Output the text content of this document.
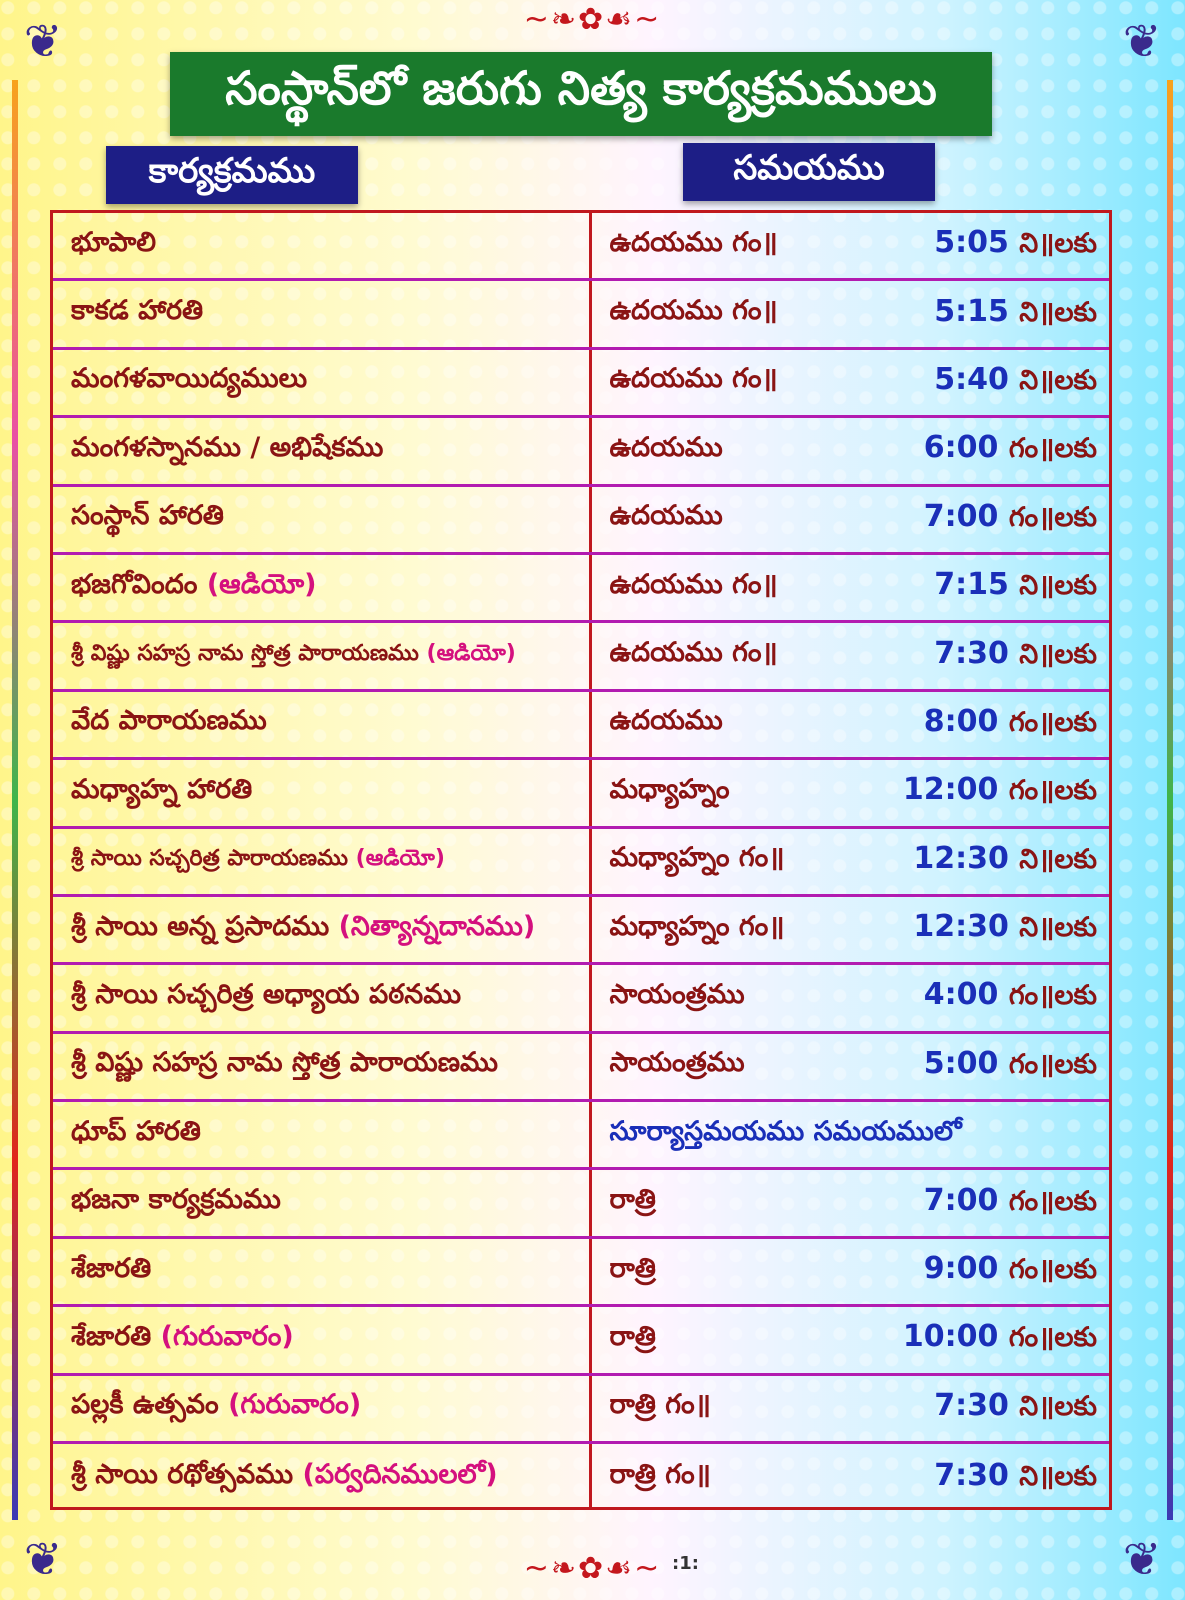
❦	❦
❦	❦
~❧✿☙~
~❧✿☙~
సంస్థాన్‌లో జరుగు నిత్య కార్యక్రమములు
కార్యక్రమము	సమయము
భూపాలి	ఉదయము గం॥	5:05 ని॥లకు
కాకడ హారతి	ఉదయము గం॥	5:15 ని॥లకు
మంగళవాయిద్యములు	ఉదయము గం॥	5:40 ని॥లకు
మంగళస్నానము / అభిషేకము	ఉదయము	6:00 గం॥లకు
సంస్థాన్ హారతి	ఉదయము	7:00 గం॥లకు
భజగోవిందం (ఆడియో)	ఉదయము గం॥	7:15 ని॥లకు
శ్రీ విష్ణు సహస్ర నామ స్తోత్ర పారాయణము (ఆడియో)	ఉదయము గం॥	7:30 ని॥లకు
వేద పారాయణము	ఉదయము	8:00 గం॥లకు
మధ్యాహ్న హారతి	మధ్యాహ్నం	12:00 గం॥లకు
శ్రీ సాయి సచ్చరిత్ర పారాయణము (ఆడియో)	మధ్యాహ్నం గం॥	12:30 ని॥లకు
శ్రీ సాయి అన్న ప్రసాదము (నిత్యాన్నదానము)	మధ్యాహ్నం గం॥	12:30 ని॥లకు
శ్రీ సాయి సచ్చరిత్ర అధ్యాయ పఠనము	సాయంత్రము	4:00 గం॥లకు
శ్రీ విష్ణు సహస్ర నామ స్తోత్ర పారాయణము	సాయంత్రము	5:00 గం॥లకు
ధూప్ హారతి	సూర్యాస్తమయము సమయములో
భజనా కార్యక్రమము	రాత్రి	7:00 గం॥లకు
శేజారతి	రాత్రి	9:00 గం॥లకు
శేజారతి (గురువారం)	రాత్రి	10:00 గం॥లకు
పల్లకీ ఉత్సవం (గురువారం)	రాత్రి గం॥	7:30 ని॥లకు
శ్రీ సాయి రథోత్సవము (పర్వదినములలో)	రాత్రి గం॥	7:30 ని॥లకు
:1:
